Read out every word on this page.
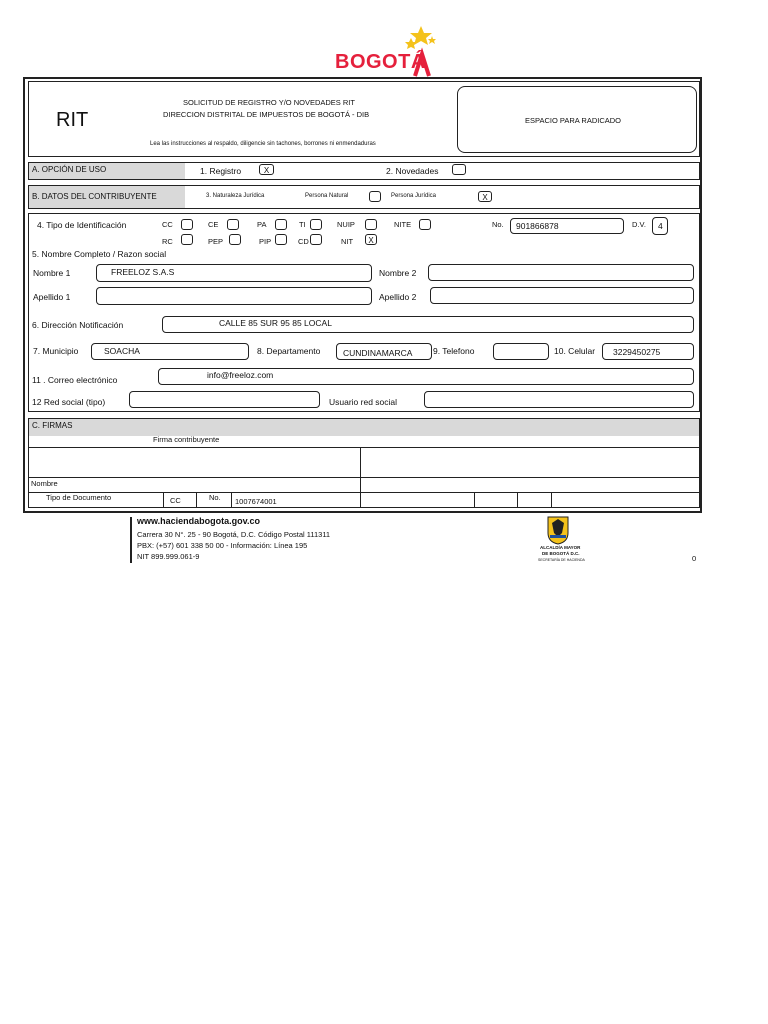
BOGOTÁ
RIT
SOLICITUD DE REGISTRO Y/O NOVEDADES RIT
DIRECCION DISTRITAL DE IMPUESTOS DE BOGOTÁ - DIB
Lea las instrucciones al respaldo, diligencie sin tachones, borrones ni enmendaduras
ESPACIO PARA RADICADO
A. OPCIÓN DE USO	1. Registro	X	2. Novedades
B. DATOS DEL CONTRIBUYENTE	3. Naturaleza Jurídica	Persona Natural	Persona Jurídica	X
4. Tipo de Identificación	CC	CE	PA	TI	NUIP	NITE
RC	PEP	PIP	CD	NIT	X
No.	901866878	D.V.	4
5. Nombre Completo / Razon social
Nombre 1	FREELOZ S.A.S	Nombre 2
Apellido 1	Apellido 2
6. Dirección Notificación	CALLE 85 SUR 95 85 LOCAL
7. Municipio	SOACHA	8. Departamento	CUNDINAMARCA	9. Telefono	10. Celular	3229450275
11 . Correo electrónico	info@freeloz.com
12 Red social (tipo)	Usuario red social
C. FIRMAS
Firma contribuyente
Nombre
Tipo de Documento	CC	No. 1007674001
www.haciendabogota.gov.co
Carrera 30 N°. 25 - 90 Bogotá, D.C. Código Postal 111311
PBX: (+57) 601 338 50 00 - Información: Línea 195
NIT 899.999.061-9
ALCALDÍA MAYOR
DE BOGOTÁ D.C.
SECRETARÍA DE HACIENDA	0
